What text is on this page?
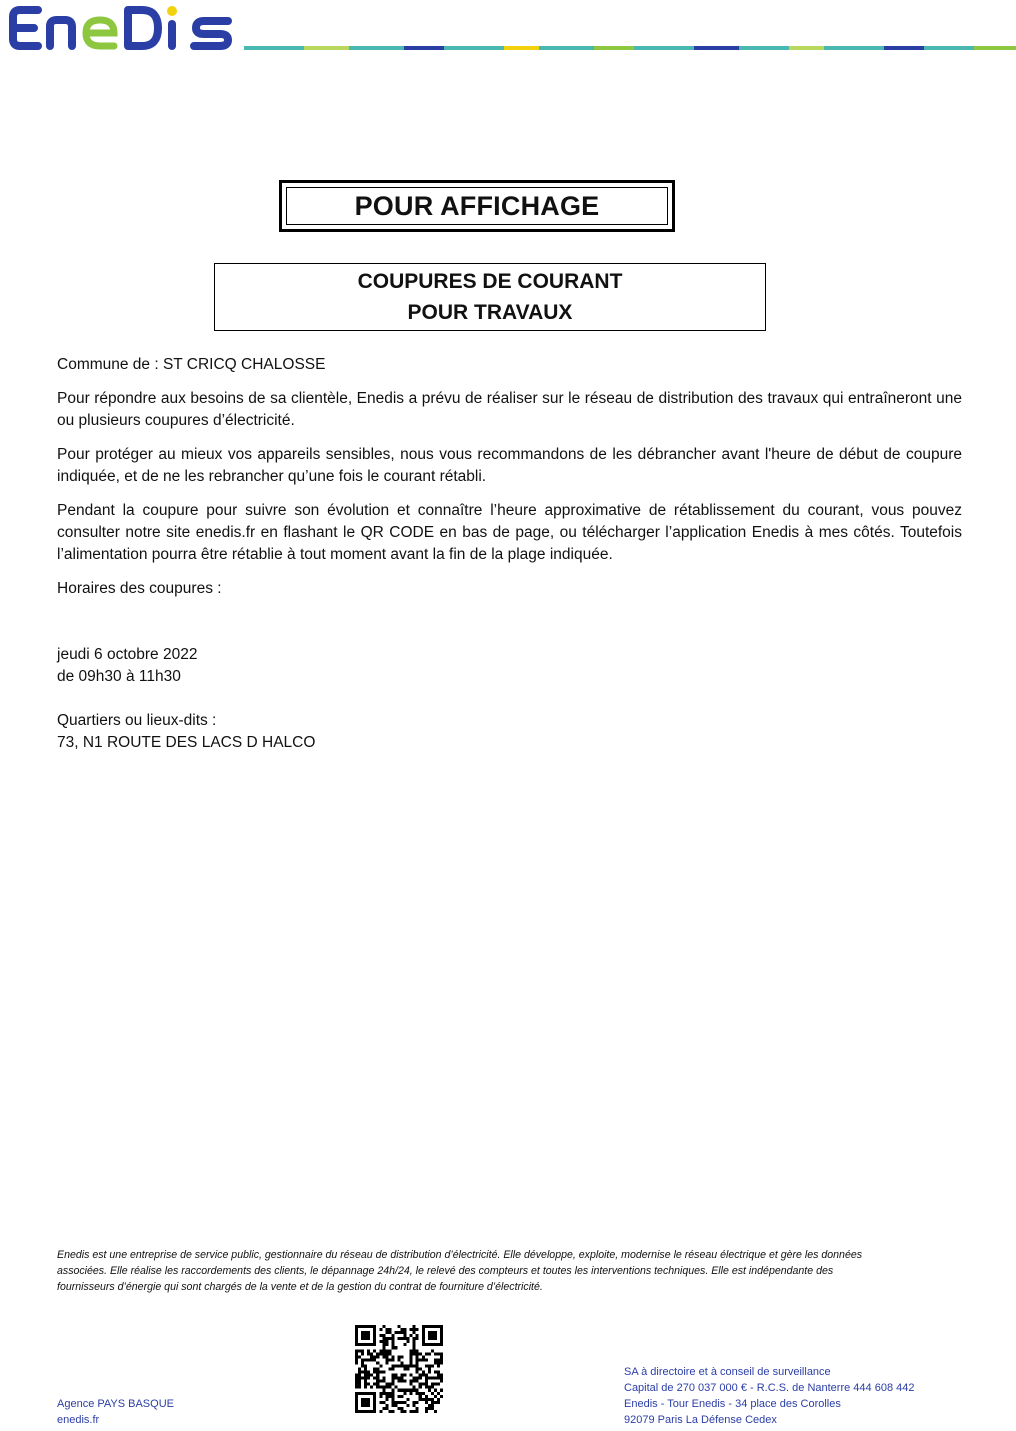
POUR AFFICHAGE
COUPURES DE COURANT
POUR TRAVAUX

Commune de : ST CRICQ CHALOSSE

Pour répondre aux besoins de sa clientèle, Enedis a prévu de réaliser sur le réseau de distribution des travaux qui entraîneront une ou plusieurs coupures d’électricité.

Pour protéger au mieux vos appareils sensibles, nous vous recommandons de les débrancher avant l'heure de début de coupure indiquée, et de ne les rebrancher qu’une fois le courant rétabli.

Pendant la coupure pour suivre son évolution et connaître l’heure approximative de rétablissement du courant, vous pouvez consulter notre site enedis.fr en flashant le QR CODE en bas de page, ou télécharger l’application Enedis à mes côtés. Toutefois l’alimentation pourra être rétablie à tout moment avant la fin de la plage indiquée.

Horaires des coupures :

jeudi 6 octobre 2022

de 09h30 à 11h30

Quartiers ou lieux-dits :

73, N1 ROUTE DES LACS D HALCO

Enedis est une entreprise de service public, gestionnaire du réseau de distribution d’électricité. Elle développe, exploite, modernise le réseau électrique et gère les données
associées. Elle réalise les raccordements des clients, le dépannage 24h/24, le relevé des compteurs et toutes les interventions techniques. Elle est indépendante des
fournisseurs d’énergie qui sont chargés de la vente et de la gestion du contrat de fourniture d’électricité.
Agence PAYS BASQUE
enedis.fr
SA à directoire et à conseil de surveillance
Capital de 270 037 000 € - R.C.S. de Nanterre 444 608 442
Enedis - Tour Enedis - 34 place des Corolles
92079 Paris La Défense Cedex
